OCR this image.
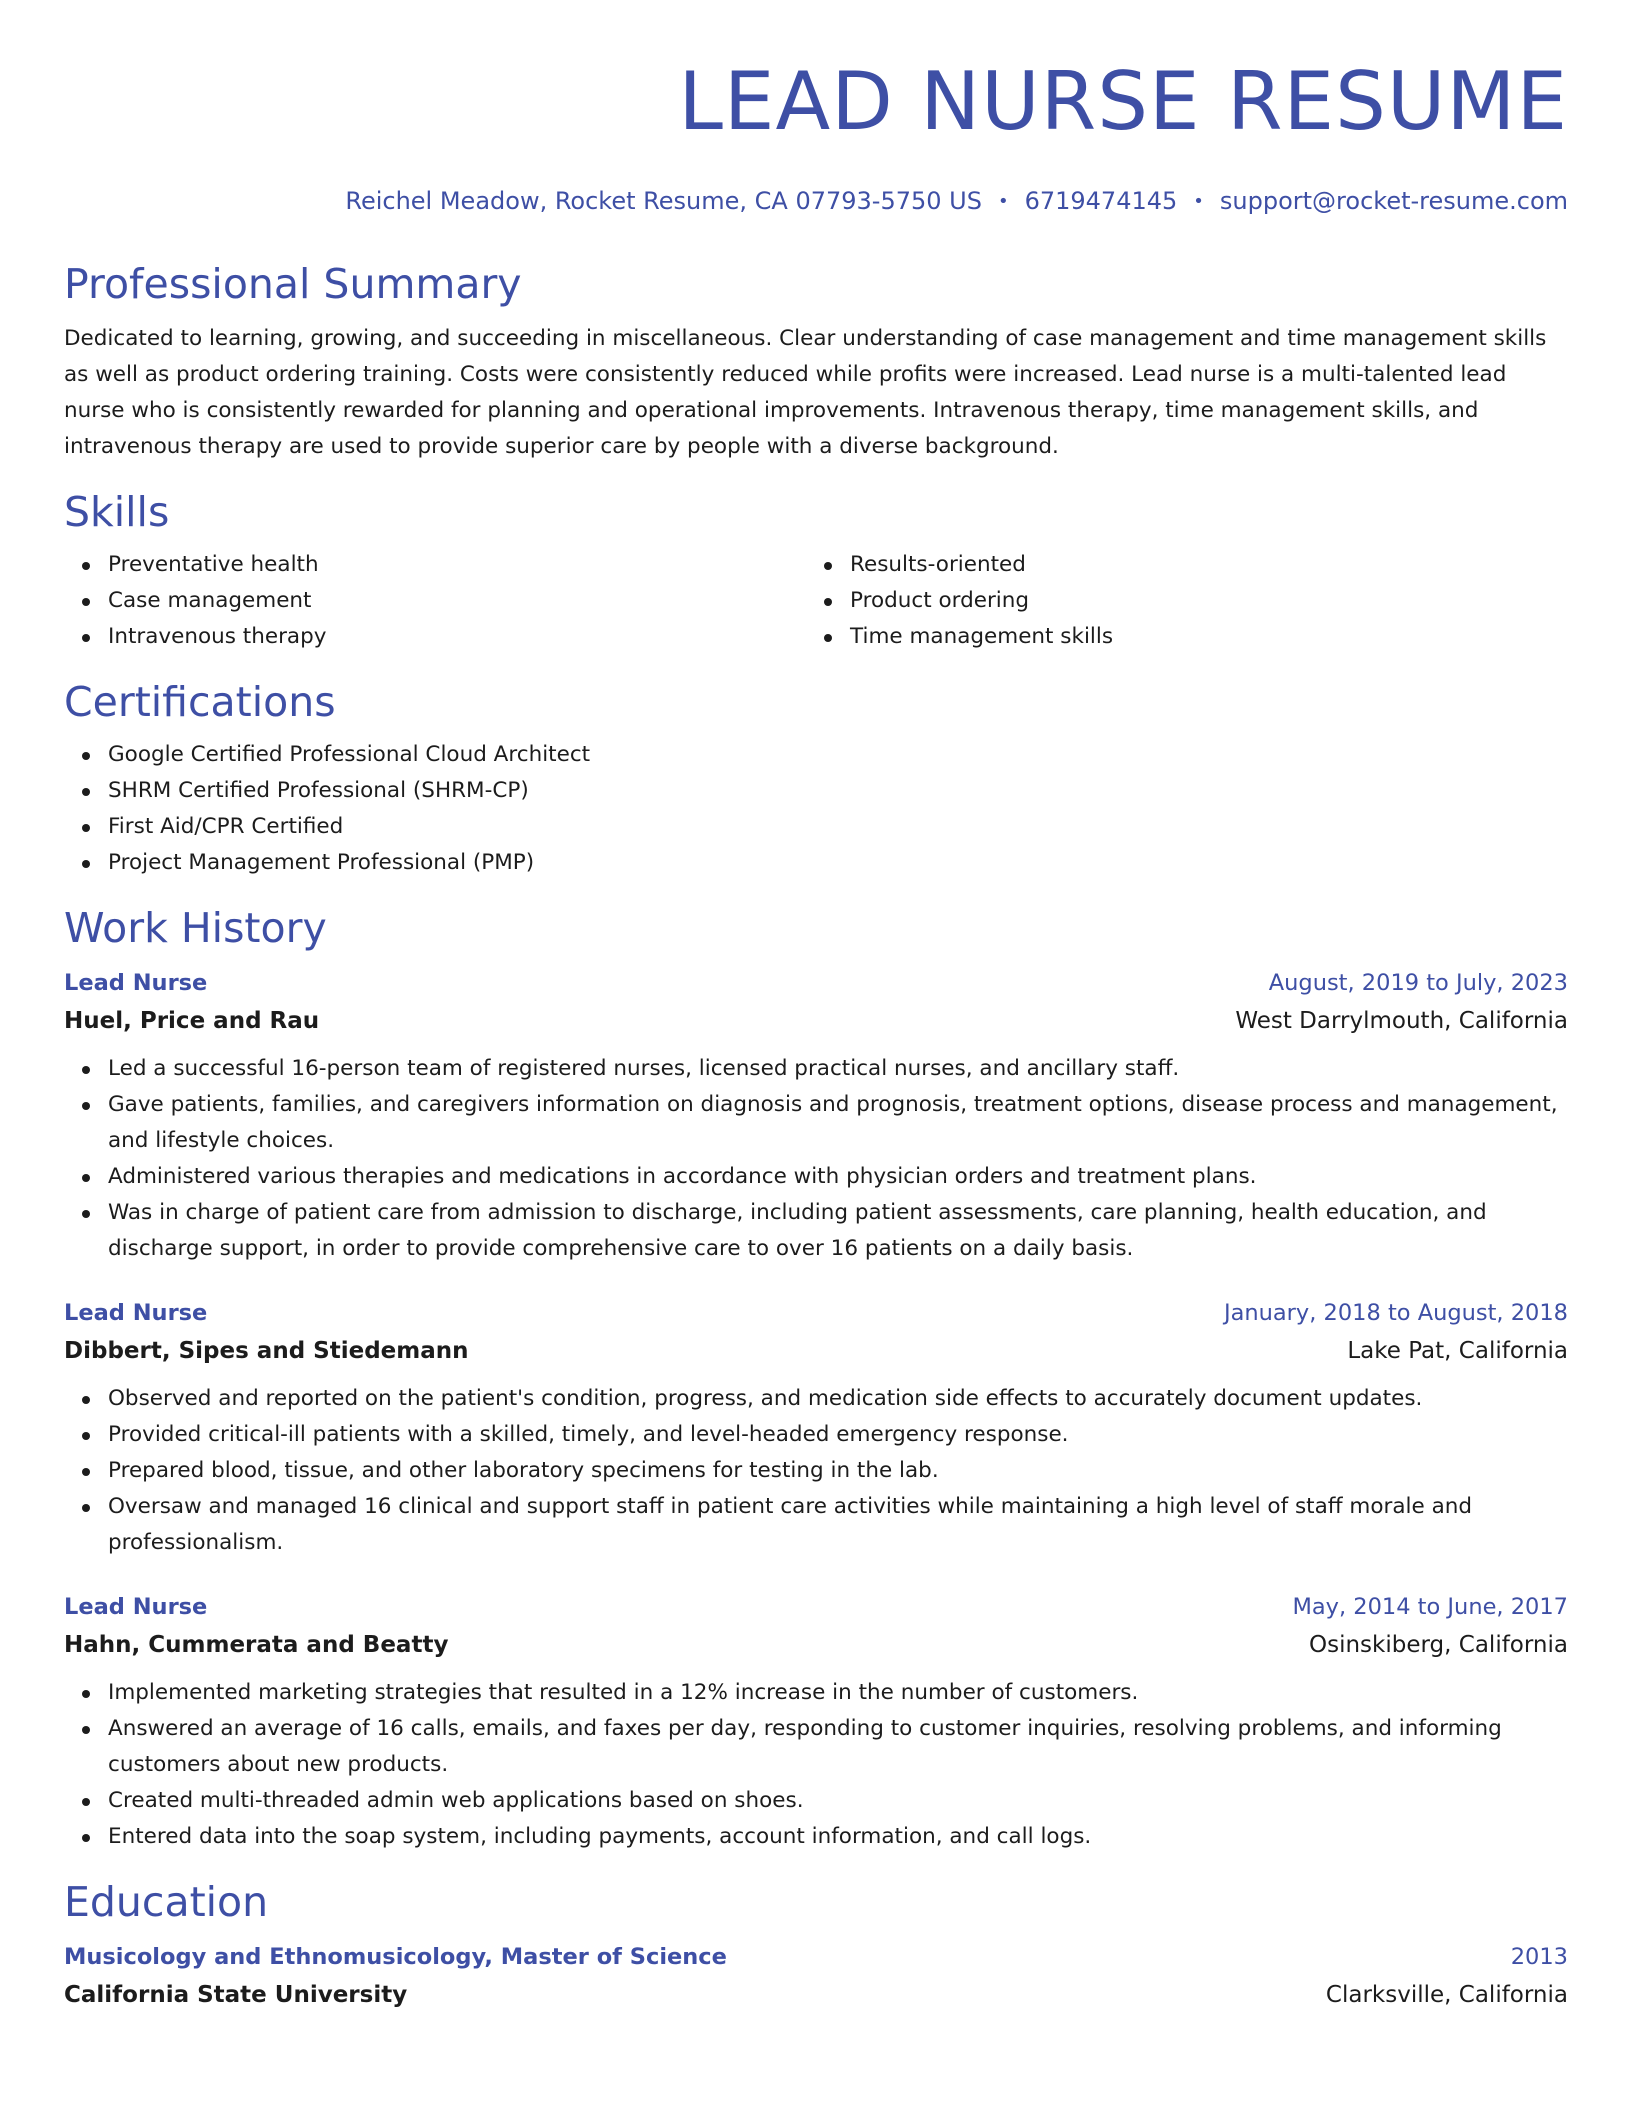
LEAD NURSE RESUME
Reichel Meadow, Rocket Resume, CA 07793-5750 US • 6719474145 • support@rocket-resume.com
Professional Summary

Dedicated to learning, growing, and succeeding in miscellaneous. Clear understanding of case management and time management skills as well as product ordering training. Costs were consistently reduced while profits were increased. Lead nurse is a multi-talented lead nurse who is consistently rewarded for planning and operational improvements. Intravenous therapy, time management skills, and intravenous therapy are used to provide superior care by people with a diverse background.

Skills
Preventative health
Case management
Intravenous therapy
Results-oriented
Product ordering
Time management skills
Certifications
Google Certified Professional Cloud Architect
SHRM Certified Professional (SHRM-CP)
First Aid/CPR Certified
Project Management Professional (PMP)
Work History
Lead Nurse	August, 2019 to July, 2023
Huel, Price and Rau	West Darrylmouth, California
Led a successful 16-person team of registered nurses, licensed practical nurses, and ancillary staff.
Gave patients, families, and caregivers information on diagnosis and prognosis, treatment options, disease process and management, and lifestyle choices.
Administered various therapies and medications in accordance with physician orders and treatment plans.
Was in charge of patient care from admission to discharge, including patient assessments, care planning, health education, and discharge support, in order to provide comprehensive care to over 16 patients on a daily basis.
Lead Nurse	January, 2018 to August, 2018
Dibbert, Sipes and Stiedemann	Lake Pat, California
Observed and reported on the patient's condition, progress, and medication side effects to accurately document updates.
Provided critical-ill patients with a skilled, timely, and level-headed emergency response.
Prepared blood, tissue, and other laboratory specimens for testing in the lab.
Oversaw and managed 16 clinical and support staff in patient care activities while maintaining a high level of staff morale and professionalism.
Lead Nurse	May, 2014 to June, 2017
Hahn, Cummerata and Beatty	Osinskiberg, California
Implemented marketing strategies that resulted in a 12% increase in the number of customers.
Answered an average of 16 calls, emails, and faxes per day, responding to customer inquiries, resolving problems, and informing customers about new products.
Created multi-threaded admin web applications based on shoes.
Entered data into the soap system, including payments, account information, and call logs.
Education
Musicology and Ethnomusicology, Master of Science	2013
California State University	Clarksville, California
